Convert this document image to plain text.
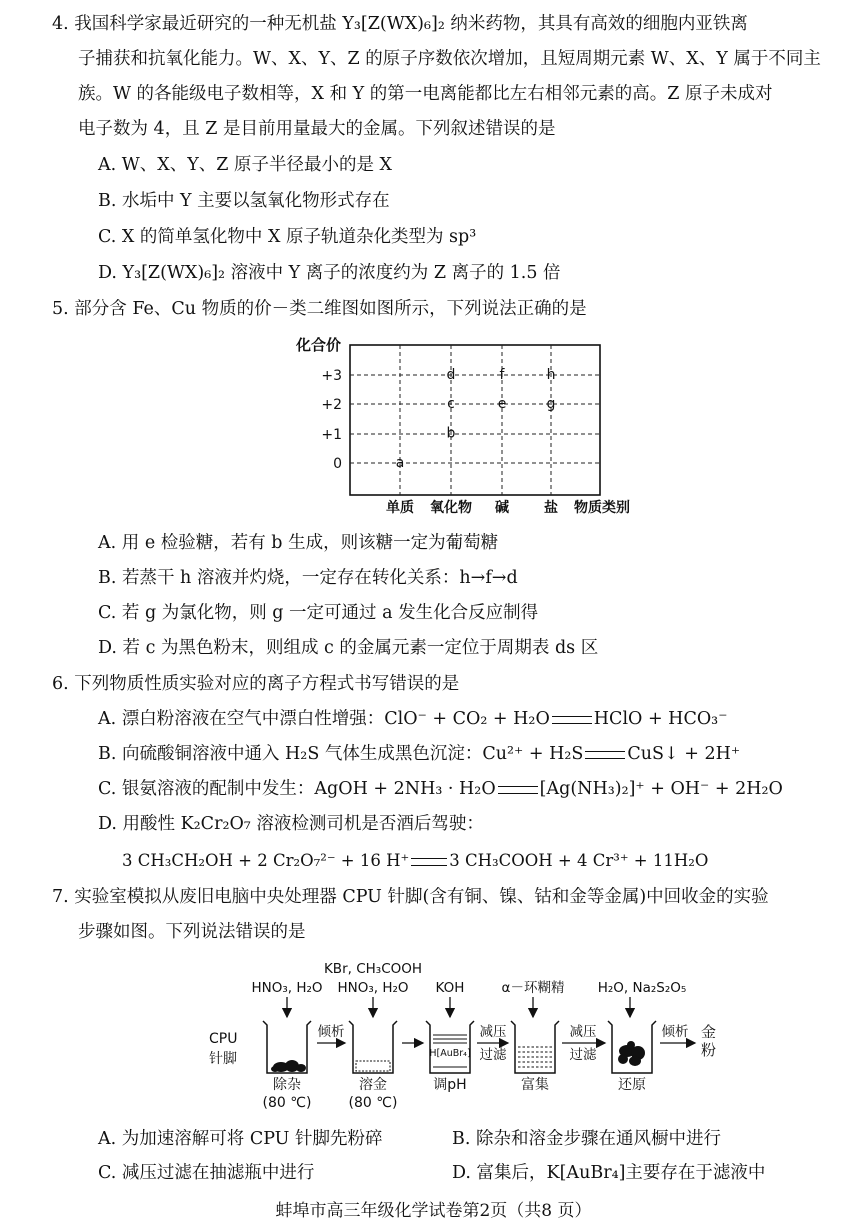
4. 我国科学家最近研究的一种无机盐 Y₃[Z(WX)₆]₂ 纳米药物，其具有高效的细胞内亚铁离
子捕获和抗氧化能力。W、X、Y、Z 的原子序数依次增加，且短周期元素 W、X、Y 属于不同主
族。W 的各能级电子数相等，X 和 Y 的第一电离能都比左右相邻元素的高。Z 原子未成对
电子数为 4，且 Z 是目前用量最大的金属。下列叙述错误的是
A. W、X、Y、Z 原子半径最小的是 X
B. 水垢中 Y 主要以氢氧化物形式存在
C. X 的简单氢化物中 X 原子轨道杂化类型为 sp³
D. Y₃[Z(WX)₆]₂ 溶液中 Y 离子的浓度约为 Z 离子的 1.5 倍
5. 部分含 Fe、Cu 物质的价－类二维图如图所示，下列说法正确的是
化合价
+3
+2
+1
0
单质 氧化物 碱	盐 物质类别
a
b
c
d
e
f
g
h
A. 用 e 检验糖，若有 b 生成，则该糖一定为葡萄糖
B. 若蒸干 h 溶液并灼烧，一定存在转化关系：h→f→d
C. 若 g 为氯化物，则 g 一定可通过 a 发生化合反应制得
D. 若 c 为黑色粉末，则组成 c 的金属元素一定位于周期表 ds 区
6. 下列物质性质实验对应的离子方程式书写错误的是
A. 漂白粉溶液在空气中漂白性增强：ClO⁻ + CO₂ + H₂O	HClO + HCO₃⁻
B. 向硫酸铜溶液中通入 H₂S 气体生成黑色沉淀：Cu²⁺ + H₂S	CuS↓ + 2H⁺
C. 银氨溶液的配制中发生：AgOH + 2NH₃ · H₂O	[Ag(NH₃)₂]⁺ + OH⁻ + 2H₂O
D. 用酸性 K₂Cr₂O₇ 溶液检测司机是否酒后驾驶：
3 CH₃CH₂OH + 2 Cr₂O₇²⁻ + 16 H⁺ 3 CH₃COOH + 4 Cr³⁺ + 11H₂O
7. 实验室模拟从废旧电脑中央处理器 CPU 针脚(含有铜、镍、钴和金等金属)中回收金的实验
步骤如图。下列说法错误的是
HNO₃, H₂O
KBr, CH₃COOH
HNO₃, H₂O KOH	α－环糊精 H₂O, Na₂S₂O₅
H[AuBr₄]
CPU
针脚
倾析	减压
过滤
减压
过滤
倾析 金
粉
除杂
(80 ℃)
溶金
(80 ℃)
调pH	富集	还原
A. 为加速溶解可将 CPU 针脚先粉碎	B. 除杂和溶金步骤在通风橱中进行
C. 减压过滤在抽滤瓶中进行	D. 富集后，K[AuBr₄]主要存在于滤液中
蚌埠市高三年级化学试卷第2页（共8 页）
